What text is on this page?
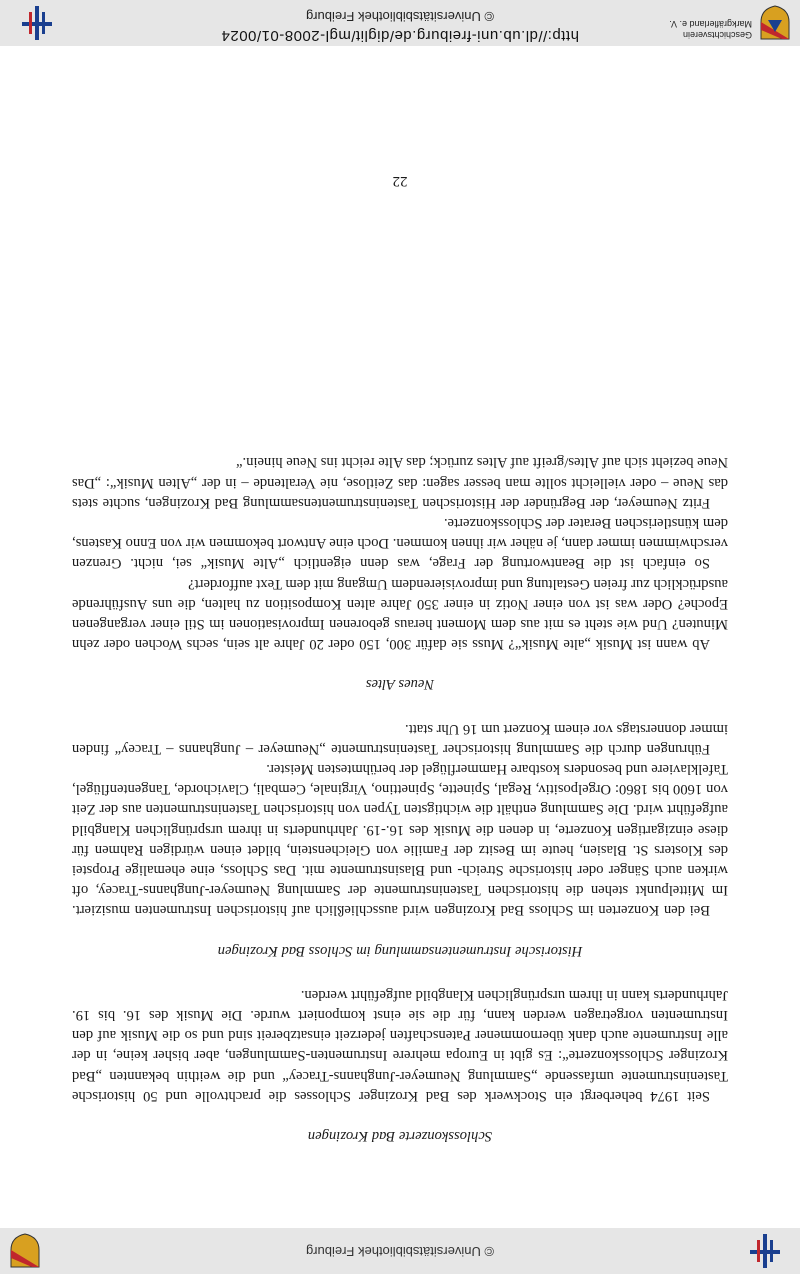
© Universitätsbibliothek Freiburg
Schlosskonzerte Bad Krozingen

Seit 1974 beherbergt ein Stockwerk des Bad Krozinger Schlosses die prachtvolle und 50 historische Tasteninstrumente umfassende „Sammlung Neumeyer-Junghanns-Tracey“ und die weithin bekannten „Bad Krozinger Schlosskonzerte“: Es gibt in Europa mehrere Instrumenten-Sammlungen, aber bisher keine, in der alle Instrumente auch dank übernommener Patenschaften jederzeit einsatzbereit sind und so die Musik auf den Instrumenten vorgetragen werden kann, für die sie einst komponiert wurde. Die Musik des 16. bis 19. Jahrhunderts kann in ihrem ursprünglichen Klangbild aufgeführt werden.

Historische Instrumentensammlung im Schloss Bad Krozingen

Bei den Konzerten im Schloss Bad Krozingen wird ausschließlich auf historischen Instrumenten musiziert. Im Mittelpunkt stehen die historischen Tasteninstrumente der Sammlung Neumeyer-Junghanns-Tracey, oft wirken auch Sänger oder historische Streich- und Blasinstrumente mit. Das Schloss, eine ehemalige Propstei des Klosters St. Blasien, heute im Besitz der Familie von Gleichenstein, bildet einen würdigen Rahmen für diese einzigartigen Konzerte, in denen die Musik des 16.-19. Jahrhunderts in ihrem ursprünglichen Klangbild aufgeführt wird. Die Sammlung enthält die wichtigsten Typen von historischen Tasteninstrumenten aus der Zeit von 1600 bis 1860: Orgelpositiv, Regal, Spinette, Spinettino, Virginale, Cembali, Clavichorde, Tangentenflügel, Tafelklaviere und besonders kostbare Hammerflügel der berühmtesten Meister.

Führungen durch die Sammlung historischer Tasteninstrumente „Neumeyer – Junghanns – Tracey“ finden immer donnerstags vor einem Konzert um 16 Uhr statt.

Neues Altes

Ab wann ist Musik „alte Musik“? Muss sie dafür 300, 150 oder 20 Jahre alt sein, sechs Wochen oder zehn Minuten? Und wie steht es mit aus dem Moment heraus geborenen Improvisationen im Stil einer vergangenen Epoche? Oder was ist von einer Notiz in einer 350 Jahre alten Komposition zu halten, die uns Ausführende ausdrücklich zur freien Gestaltung und improvisierendem Umgang mit dem Text auffordert?

So einfach ist die Beantwortung der Frage, was denn eigentlich „Alte Musik“ sei, nicht. Grenzen verschwimmen immer dann, je näher wir ihnen kommen. Doch eine Antwort bekommen wir von Enno Kastens, dem künstlerischen Berater der Schlosskonzerte.

Fritz Neumeyer, der Begründer der Historischen Tasteninstrumentensammlung Bad Krozingen, suchte stets das Neue – oder vielleicht sollte man besser sagen: das Zeitlose, nie Veraltende – in der „Alten Musik“: „Das Neue bezieht sich auf Altes/greift auf Altes zurück; das Alte reicht ins Neue hinein.“

22
Geschichtsverein
Markgräflerland e. V.
http://dl.ub.uni-freiburg.de/diglit/mgl-2008-01/0024
© Universitätsbibliothek Freiburg
